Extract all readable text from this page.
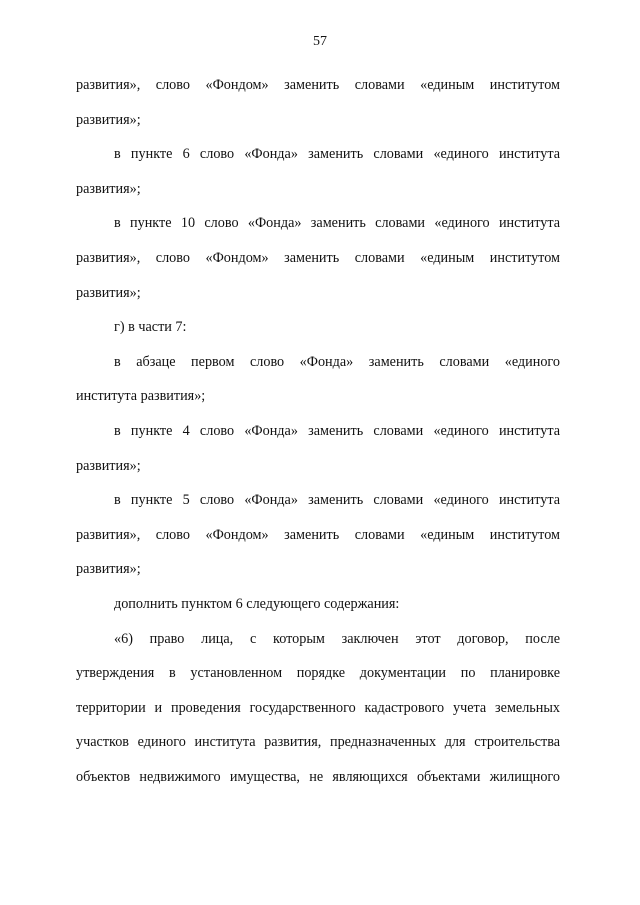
57
развития», слово «Фондом» заменить словами «единым институтом
развития»;
в пункте 6 слово «Фонда» заменить словами «единого института
развития»;
в пункте 10 слово «Фонда» заменить словами «единого института
развития», слово «Фондом» заменить словами «единым институтом
развития»;
г) в части 7:
в абзаце первом слово «Фонда» заменить словами «единого
института развития»;
в пункте 4 слово «Фонда» заменить словами «единого института
развития»;
в пункте 5 слово «Фонда» заменить словами «единого института
развития», слово «Фондом» заменить словами «единым институтом
развития»;
дополнить пунктом 6 следующего содержания:
«6) право лица, с которым заключен этот договор, после
утверждения в установленном порядке документации по планировке
территории и проведения государственного кадастрового учета земельных
участков единого института развития, предназначенных для строительства
объектов недвижимого имущества, не являющихся объектами жилищного
